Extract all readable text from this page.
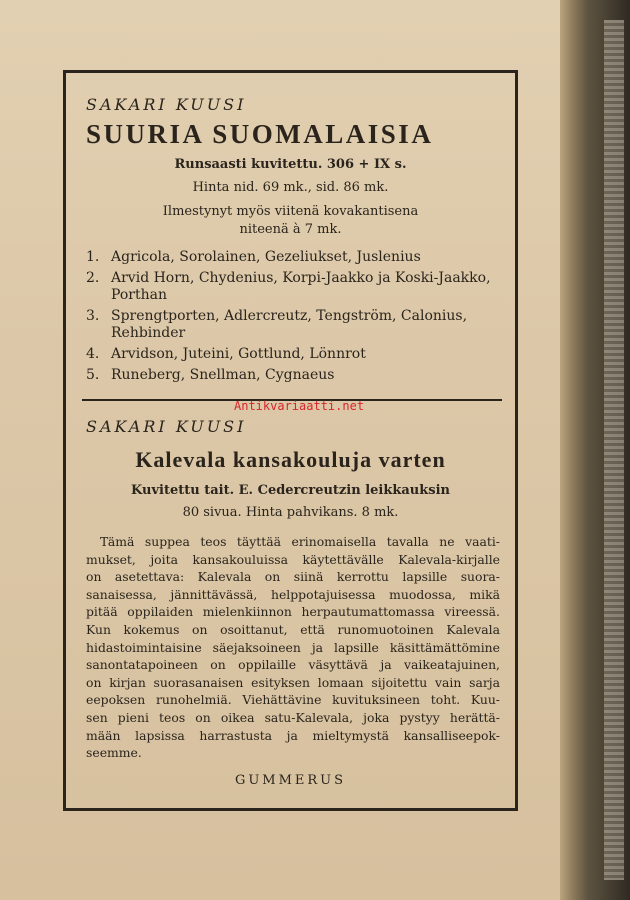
SAKARI KUUSI
SUURIA SUOMALAISIA
Runsaasti kuvitettu. 306 + IX s.
Hinta nid. 69 mk., sid. 86 mk.
Ilmestynyt myös viitenä kovakantisena
niteenä à 7 mk.
1. Agricola, Sorolainen, Gezeliukset, Juslenius
2. Arvid Horn, Chydenius, Korpi-Jaakko ja Koski-Jaakko, Porthan
3. Sprengtporten, Adlercreutz, Tengström, Calonius, Rehbinder
4. Arvidson, Juteini, Gottlund, Lönnrot
5. Runeberg, Snellman, Cygnaeus
Antikvariaatti.net
SAKARI KUUSI
Kalevala kansakouluja varten
Kuvitettu tait. E. Cedercreutzin leikkauksin
80 sivua. Hinta pahvikans. 8 mk.
Tämä suppea teos täyttää erinomaisella tavalla ne vaati-
mukset, joita kansakouluissa käytettävälle Kalevala-kirjalle
on asetettava: Kalevala on siinä kerrottu lapsille suora-
sanaisessa, jännittävässä, helppotajuisessa muodossa, mikä
pitää oppilaiden mielenkiinnon herpautumattomassa vireessä.
Kun kokemus on osoittanut, että runomuotoinen Kalevala
hidastoimintaisine säejaksoineen ja lapsille käsittämättömine
sanontatapoineen on oppilaille väsyttävä ja vaikeatajuinen,
on kirjan suorasanaisen esityksen lomaan sijoitettu vain sarja
eepoksen runohelmiä. Viehättävine kuvituksineen toht. Kuu-
sen pieni teos on oikea satu-Kalevala, joka pystyy herättä-
mään lapsissa harrastusta ja mieltymystä kansalliseepok-
seemme.
GUMMERUS
